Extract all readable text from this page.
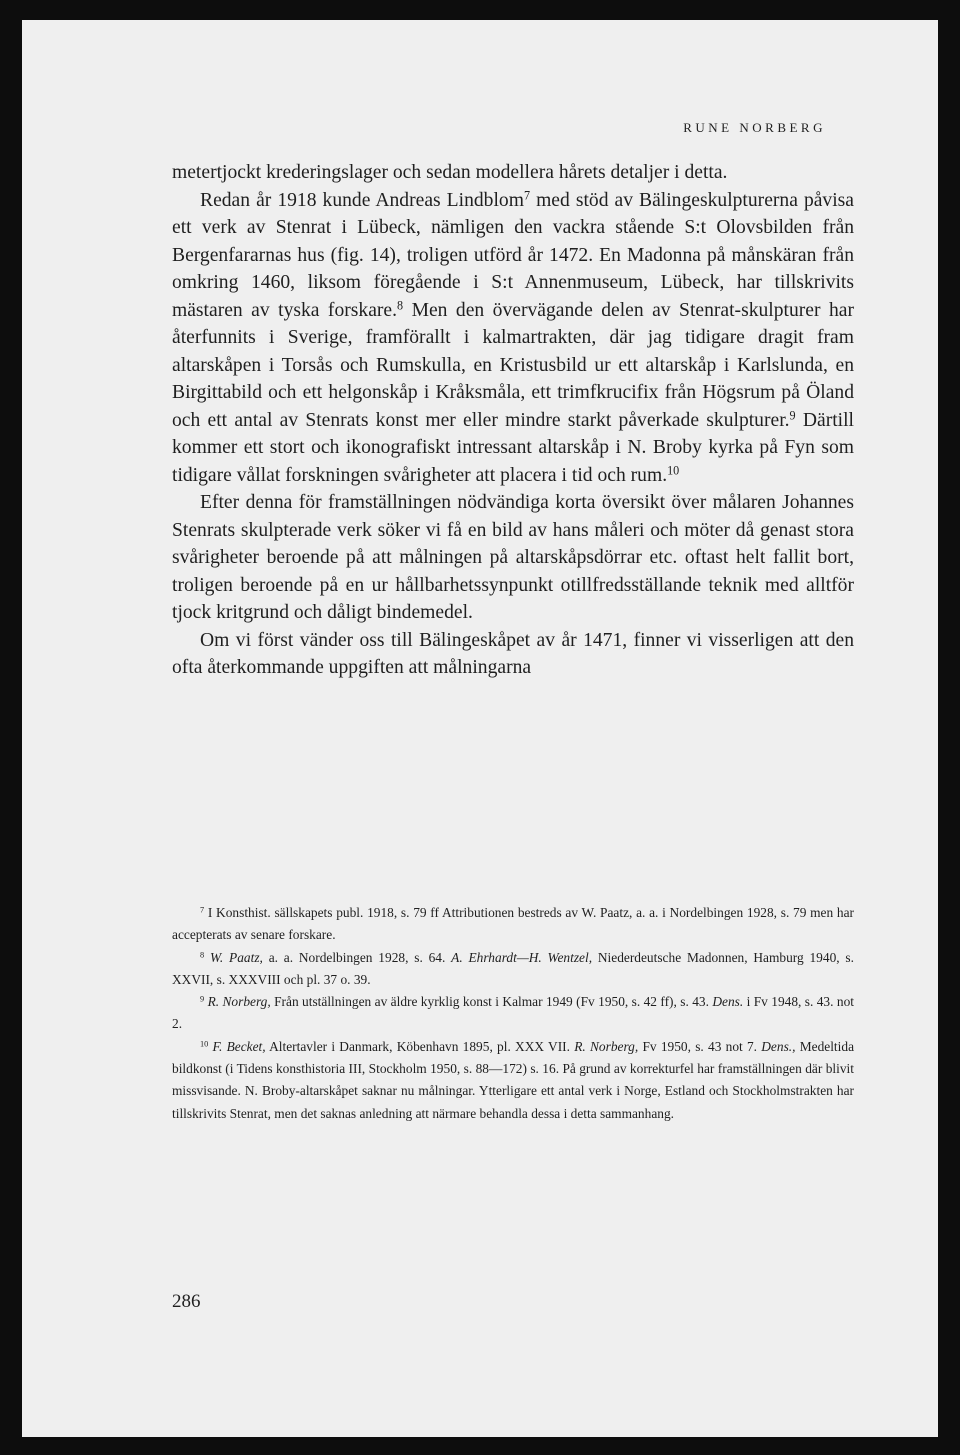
RUNE NORBERG

metertjockt krederingslager och sedan modellera hårets detaljer i detta.

Redan år 1918 kunde Andreas Lindblom$^7$ med stöd av Bälingeskulpturerna påvisa ett verk av Stenrat i Lübeck, nämligen den vackra stående S:t Olovsbilden från Bergenfararnas hus (fig. 14), troligen utförd år 1472. En Madonna på månskäran från omkring 1460, liksom föregående i S:t Annenmuseum, Lübeck, har tillskrivits mästaren av tyska forskare.$^8$ Men den övervägande delen av Stenrat-skulpturer har återfunnits i Sverige, framförallt i kalmartrakten, där jag tidigare dragit fram altarskåpen i Torsås och Rumskulla, en Kristusbild ur ett altarskåp i Karlslunda, en Birgittabild och ett helgonskåp i Kråksmåla, ett trimfkrucifix från Högsrum på Öland och ett antal av Stenrats konst mer eller mindre starkt påverkade skulpturer.$^9$ Därtill kommer ett stort och ikonografiskt intressant altarskåp i N. Broby kyrka på Fyn som tidigare vållat forskningen svårigheter att placera i tid och rum.$^{10}$

Efter denna för framställningen nödvändiga korta översikt över målaren Johannes Stenrats skulpterade verk söker vi få en bild av hans måleri och möter då genast stora svårigheter beroende på att målningen på altarskåpsdörrar etc. oftast helt fallit bort, troligen beroende på en ur hållbarhetssynpunkt otillfredsställande teknik med alltför tjock kritgrund och dåligt bindemedel.

Om vi först vänder oss till Bälingeskåpet av år 1471, finner vi visserligen att den ofta återkommande uppgiften att målningarna

$^7$ I Konsthist. sällskapets publ. 1918, s. 79 ff Attributionen bestreds av W. Paatz, a. a. i Nordelbingen 1928, s. 79 men har accepterats av senare forskare.

$^8$ W. Paatz, a. a. Nordelbingen 1928, s. 64. A. Ehrhardt—H. Wentzel, Niederdeutsche Madonnen, Hamburg 1940, s. XXVII, s. XXXVIII och pl. 37 o. 39.

$^9$ R. Norberg, Från utställningen av äldre kyrklig konst i Kalmar 1949 (Fv 1950, s. 42 ff), s. 43. Dens. i Fv 1948, s. 43. not 2.

$^{10}$ F. Becket, Altertavler i Danmark, Köbenhavn 1895, pl. XXX VII. R. Norberg, Fv 1950, s. 43 not 7. Dens., Medeltida bildkonst (i Tidens konsthistoria III, Stockholm 1950, s. 88—172) s. 16. På grund av korrekturfel har framställningen där blivit missvisande. N. Broby-altarskåpet saknar nu målningar. Ytterligare ett antal verk i Norge, Estland och Stockholmstrakten har tillskrivits Stenrat, men det saknas anledning att närmare behandla dessa i detta sammanhang.

286
